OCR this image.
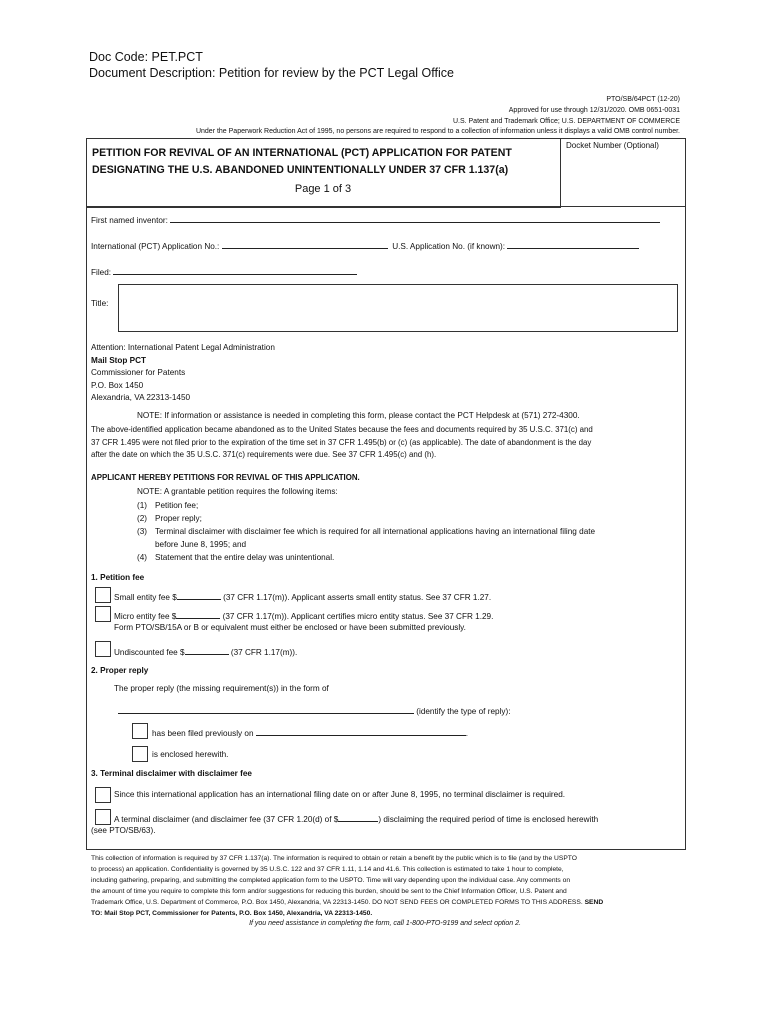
Doc Code: PET.PCT
Document Description: Petition for review by the PCT Legal Office
PTO/SB/64PCT (12-20)
Approved for use through 12/31/2020. OMB 0651-0031
U.S. Patent and Trademark Office; U.S. DEPARTMENT OF COMMERCE
Under the Paperwork Reduction Act of 1995, no persons are required to respond to a collection of information unless it displays a valid OMB control number.
PETITION FOR REVIVAL OF AN INTERNATIONAL (PCT) APPLICATION FOR PATENT
DESIGNATING THE U.S. ABANDONED UNINTENTIONALLY UNDER 37 CFR 1.137(a)
Page 1 of 3
Docket Number (Optional)
First named inventor:
International (PCT) Application No.:	U.S. Application No. (if known):
Filed:
Title:
Attention: International Patent Legal Administration
Mail Stop PCT
Commissioner for Patents
P.O. Box 1450
Alexandria, VA 22313-1450
NOTE: If information or assistance is needed in completing this form, please contact the PCT Helpdesk at (571) 272-4300.
The above-identified application became abandoned as to the United States because the fees and documents required by 35 U.S.C. 371(c) and
37 CFR 1.495 were not filed prior to the expiration of the time set in 37 CFR 1.495(b) or (c) (as applicable). The date of abandonment is the day
after the date on which the 35 U.S.C. 371(c) requirements were due. See 37 CFR 1.495(c) and (h).
APPLICANT HEREBY PETITIONS FOR REVIVAL OF THIS APPLICATION.
NOTE: A grantable petition requires the following items:
(1) Petition fee;
(2) Proper reply;
(3) Terminal disclaimer with disclaimer fee which is required for all international applications having an international filing date
before June 8, 1995; and
(4) Statement that the entire delay was unintentional.
1. Petition fee
Small entity fee $	(37 CFR 1.17(m)). Applicant asserts small entity status. See 37 CFR 1.27.
Micro entity fee $	(37 CFR 1.17(m)). Applicant certifies micro entity status. See 37 CFR 1.29.
Form PTO/SB/15A or B or equivalent must either be enclosed or have been submitted previously.
Undiscounted fee $	(37 CFR 1.17(m)).
2. Proper reply
The proper reply (the missing requirement(s)) in the form of
(identify the type of reply):
has been filed previously on	.
is enclosed herewith.
3. Terminal disclaimer with disclaimer fee
Since this international application has an international filing date on or after June 8, 1995, no terminal disclaimer is required.
A terminal disclaimer (and disclaimer fee (37 CFR 1.20(d) of $	) disclaiming the required period of time is enclosed herewith
(see PTO/SB/63).
This collection of information is required by 37 CFR 1.137(a). The information is required to obtain or retain a benefit by the public which is to file (and by the USPTO
to process) an application. Confidentiality is governed by 35 U.S.C. 122 and 37 CFR 1.11, 1.14 and 41.6. This collection is estimated to take 1 hour to complete,
including gathering, preparing, and submitting the completed application form to the USPTO. Time will vary depending upon the individual case. Any comments on
the amount of time you require to complete this form and/or suggestions for reducing this burden, should be sent to the Chief Information Officer, U.S. Patent and
Trademark Office, U.S. Department of Commerce, P.O. Box 1450, Alexandria, VA 22313-1450. DO NOT SEND FEES OR COMPLETED FORMS TO THIS ADDRESS. SEND
TO: Mail Stop PCT, Commissioner for Patents, P.O. Box 1450, Alexandria, VA 22313-1450.
If you need assistance in completing the form, call 1-800-PTO-9199 and select option 2.
